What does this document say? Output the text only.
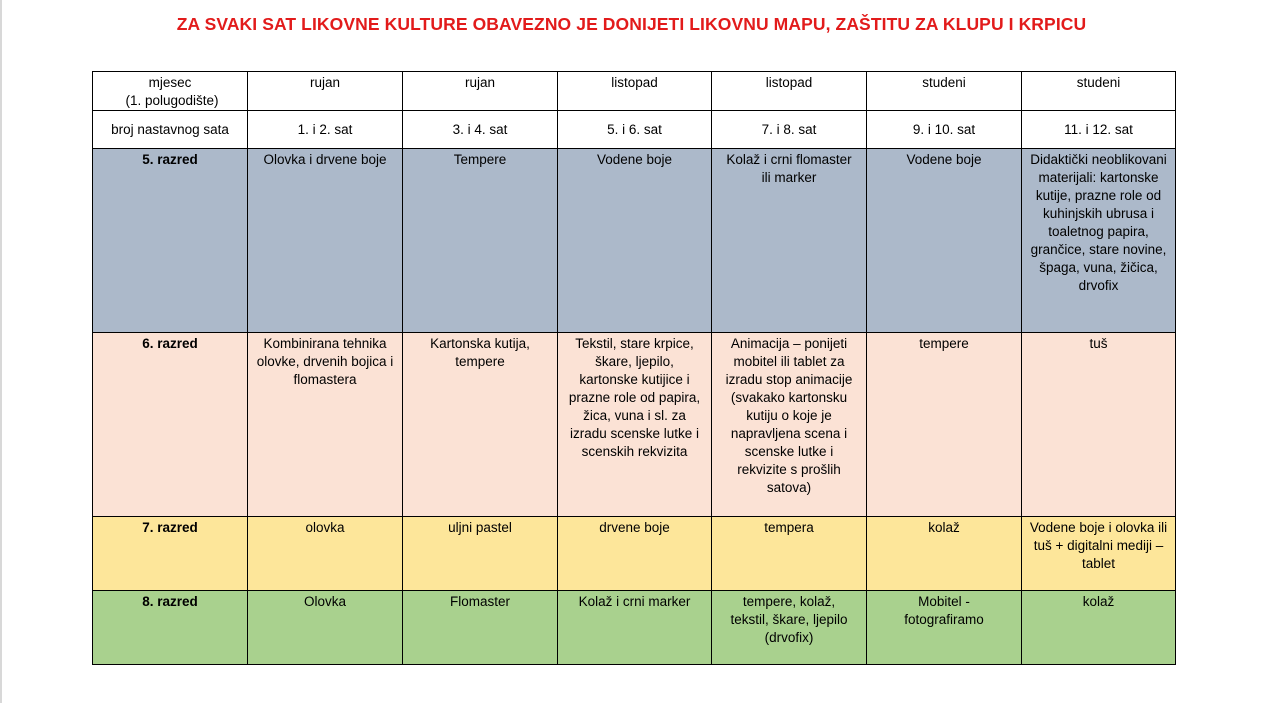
ZA SVAKI SAT LIKOVNE KULTURE OBAVEZNO JE DONIJETI LIKOVNU MAPU, ZAŠTITU ZA KLUPU I KRPICU
mjesec
(1. polugodište)	rujan	rujan	listopad	listopad	studeni	studeni
broj nastavnog sata	1. i 2. sat	3. i 4. sat	5. i 6. sat	7. i 8. sat	9. i 10. sat	11. i 12. sat
5. razred	Olovka i drvene boje	Tempere	Vodene boje	Kolaž i crni flomaster ili marker	Vodene boje	Didaktički neoblikovani materijali: kartonske kutije, prazne role od kuhinjskih ubrusa i toaletnog papira, grančice, stare novine, špaga, vuna, žičica, drvofix
6. razred	Kombinirana tehnika olovke, drvenih bojica i flomastera	Kartonska kutija, tempere	Tekstil, stare krpice, škare, ljepilo, kartonske kutijice i prazne role od papira, žica, vuna i sl. za izradu scenske lutke i scenskih rekvizita	Animacija – ponijeti mobitel ili tablet za izradu stop animacije (svakako kartonsku kutiju o koje je napravljena scena i scenske lutke i rekvizite s prošlih satova)	tempere	tuš
7. razred	olovka	uljni pastel	drvene boje	tempera	kolaž	Vodene boje i olovka ili tuš + digitalni mediji – tablet
8. razred	Olovka	Flomaster	Kolaž i crni marker	tempere, kolaž, tekstil, škare, ljepilo (drvofix)	Mobitel - fotografiramo	kolaž
